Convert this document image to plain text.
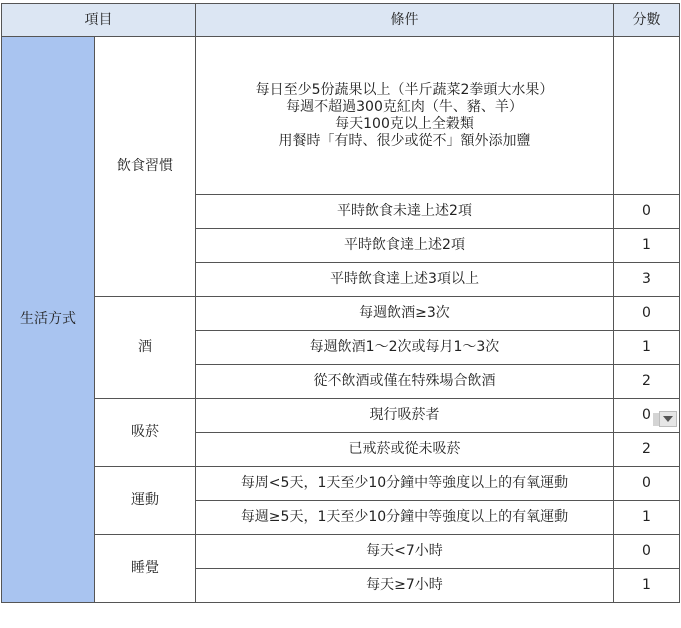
項目		條件	分數
生活方式	飲食習慣	每日至少5份蔬果以上（半斤蔬菜2拳頭大水果）
每週不超過300克紅肉（牛、豬、羊）
每天100克以上全穀類
用餐時「有時、很少或從不」額外添加鹽	

		平時飲食未達上述2項	0
		平時飲食達上述2項	1
		平時飲食達上述3項以上	3
	酒	每週飲酒≥3次	0
		每週飲酒1～2次或每月1～3次	1
		從不飲酒或僅在特殊場合飲酒	2
	吸菸	現行吸菸者	0

		已戒菸或從未吸菸	2
	運動	每周<5天，1天至少10分鐘中等強度以上的有氧運動	0
		每週≥5天，1天至少10分鐘中等強度以上的有氧運動	1
	睡覺	每天<7小時	0
		每天≥7小時	1
